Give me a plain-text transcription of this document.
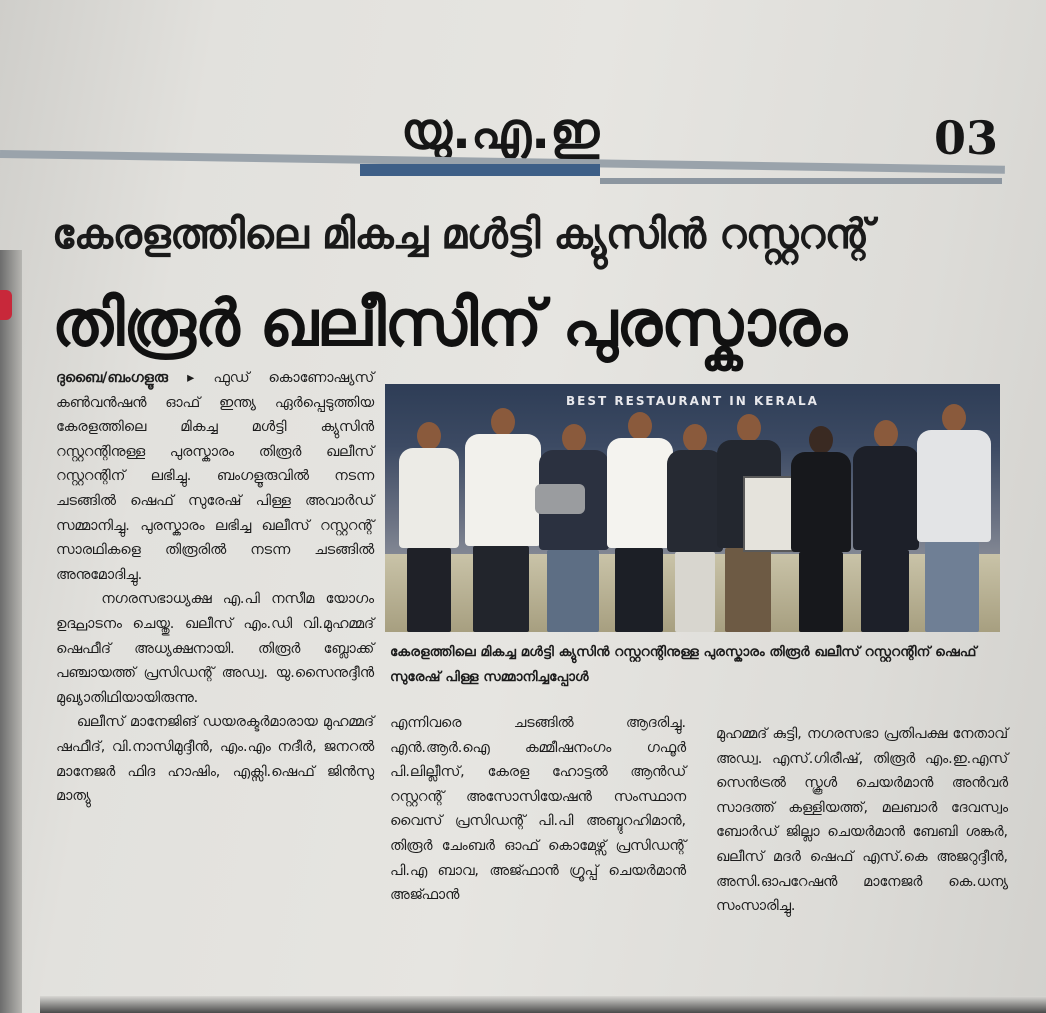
യു.എ.ഇ	03
കേരളത്തിലെ മികച്ച മൾട്ടി ക്യുസിൻ റസ്റ്ററന്റ്
തിരൂർ ഖലീസിന് പുരസ്കാരം
ദുബൈ/ബംഗളൂരു ▸ ഫുഡ് കൊണോഷ്യസ് കൺവൻഷൻ ഓഫ് ഇന്ത്യ ഏർപ്പെടുത്തിയ കേരളത്തിലെ മികച്ച മൾട്ടി ക്യുസിൻ റസ്റ്ററന്റിനുള്ള പുരസ്കാരം തിരൂർ ഖലീസ് റസ്റ്ററന്റിന് ലഭിച്ചു. ബംഗളൂരുവിൽ നടന്ന ചടങ്ങിൽ ഷെഫ് സുരേഷ് പിള്ള അവാർഡ് സമ്മാനിച്ചു. പുരസ്കാരം ലഭിച്ച ഖലീസ് റസ്റ്ററന്റ് സാരഥികളെ തിരൂരിൽ നടന്ന ചടങ്ങിൽ അനുമോദിച്ചു.
നഗരസഭാധ്യക്ഷ എ.പി നസീമ യോഗം ഉദ്ഘാടനം ചെയ്തു. ഖലീസ് എം.ഡി വി.മുഹമ്മദ് ഷെഫീദ് അധ്യക്ഷനായി. തിരൂർ ബ്ലോക്ക് പഞ്ചായത്ത് പ്രസിഡന്റ് അഡ്വ. യു.സൈനുദ്ദീൻ മുഖ്യാതിഥിയായിരുന്നു.
ഖലീസ് മാനേജിങ് ഡയരക്ടർമാരായ മുഹമ്മദ് ഷഫീദ്, വി.നാസിമുദ്ദീൻ, എം.എം നദീർ, ജനറൽ മാനേജർ ഫിദ ഹാഷിം, എക്സി.ഷെഫ് ജിൻസു മാത്യു
BEST RESTAURANT IN KERALA
കേരളത്തിലെ മികച്ച മൾട്ടി ക്യുസിൻ റസ്റ്ററന്റിനുള്ള പുരസ്കാരം തിരൂർ ഖലീസ് റസ്റ്ററന്റിന് ഷെഫ് സുരേഷ് പിള്ള സമ്മാനിച്ചപ്പോൾ
എന്നിവരെ ചടങ്ങിൽ ആദരിച്ചു. എൻ.ആർ.ഐ കമ്മീഷനംഗം ഗഫൂർ പി.ലില്ലീസ്, കേരള ഹോട്ടൽ ആൻഡ് റസ്റ്ററന്റ് അസോസിയേഷൻ സംസ്ഥാന വൈസ് പ്രസിഡന്റ് പി.പി അബ്ദുറഹിമാൻ, തിരൂർ ചേംബർ ഓഫ് കൊമേഴ്സ് പ്രസിഡന്റ് പി.എ ബാവ, അജ്ഫാൻ ഗ്രൂപ്പ് ചെയർമാൻ അജ്ഫാൻ
മുഹമ്മദ് കുട്ടി, നഗരസഭാ പ്രതിപക്ഷ നേതാവ് അഡ്വ. എസ്.ഗിരീഷ്, തിരൂർ എം.ഇ.എസ് സെൻട്രൽ സ്കൂൾ ചെയർമാൻ അൻവർ സാദത്ത് കള്ളിയത്ത്, മലബാർ ദേവസ്വം ബോർഡ് ജില്ലാ ചെയർമാൻ ബേബി ശങ്കർ, ഖലീസ് മദർ ഷെഫ് എസ്.കെ അജറുദ്ദീൻ, അസി.ഓപറേഷൻ മാനേജർ കെ.ധന്യ സംസാരിച്ചു.
